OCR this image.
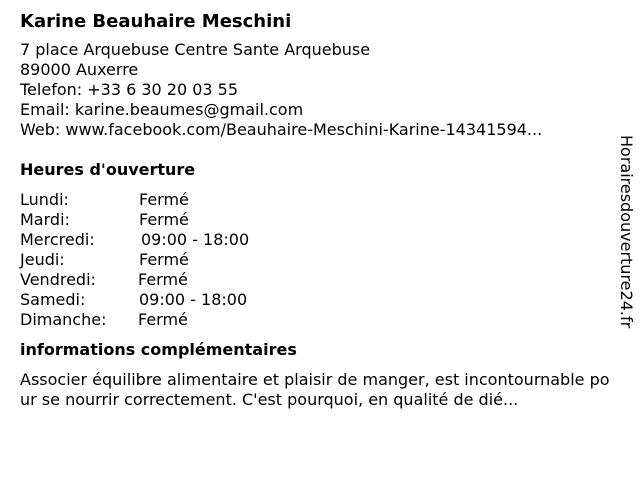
Karine Beauhaire Meschini
7 place Arquebuse Centre Sante Arquebuse
89000 Auxerre
Telefon: +33 6 30 20 03 55
Email: karine.beaumes@gmail.com
Web: www.facebook.com/Beauhaire-Meschini-Karine-14341594...
Heures d'ouverture
Lundi:	Fermé
Mardi:	Fermé
Mercredi:	09:00 - 18:00
Jeudi:	Fermé
Vendredi:	Fermé
Samedi:	09:00 - 18:00
Dimanche:	Fermé
informations complémentaires
Associer équilibre alimentaire et plaisir de manger, est incontournable pour se nourrir correctement. C'est pourquoi, en qualité de dié...
Horairesdouverture24.fr
